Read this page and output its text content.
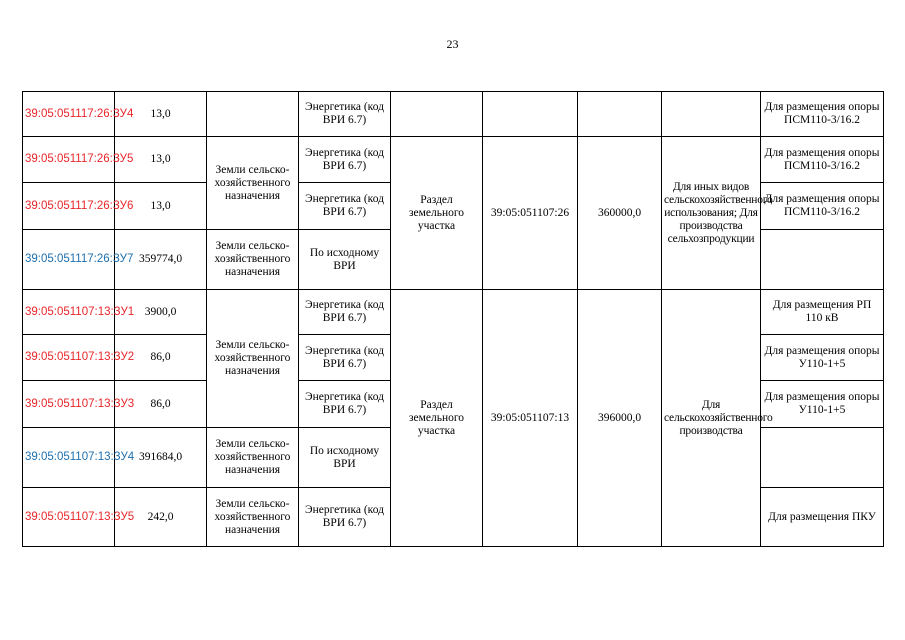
23
39:05:051117:26:ЗУ4	13,0		Энергетика (код ВРИ 6.7)					Для размещения опоры ПСМ110-3/16.2
39:05:051117:26:ЗУ5	13,0	Земли сельско-хозяйственного назначения	Энергетика (код ВРИ 6.7)	Раздел земельного участка	39:05:051107:26	360000,0	Для иных видов сельскохозяйственного использования; Для производства сельхозпродукции	Для размещения опоры ПСМ110-3/16.2
39:05:051117:26:ЗУ6	13,0		Энергетика (код ВРИ 6.7)					Для размещения опоры ПСМ110-3/16.2
39:05:051117:26:ЗУ7	359774,0	Земли сельско-хозяйственного назначения	По исходному ВРИ					
39:05:051107:13:ЗУ1	3900,0	Земли сельско-хозяйственного назначения	Энергетика (код ВРИ 6.7)	Раздел земельного участка	39:05:051107:13	396000,0	Для сельскохозяйственного производства	Для размещения РП 110 кВ
39:05:051107:13:ЗУ2	86,0		Энергетика (код ВРИ 6.7)					Для размещения опоры У110-1+5
39:05:051107:13:ЗУ3	86,0		Энергетика (код ВРИ 6.7)					Для размещения опоры У110-1+5
39:05:051107:13:ЗУ4	391684,0	Земли сельско-хозяйственного назначения	По исходному ВРИ					
39:05:051107:13:ЗУ5	242,0	Земли сельско-хозяйственного назначения	Энергетика (код ВРИ 6.7)					Для размещения ПКУ
